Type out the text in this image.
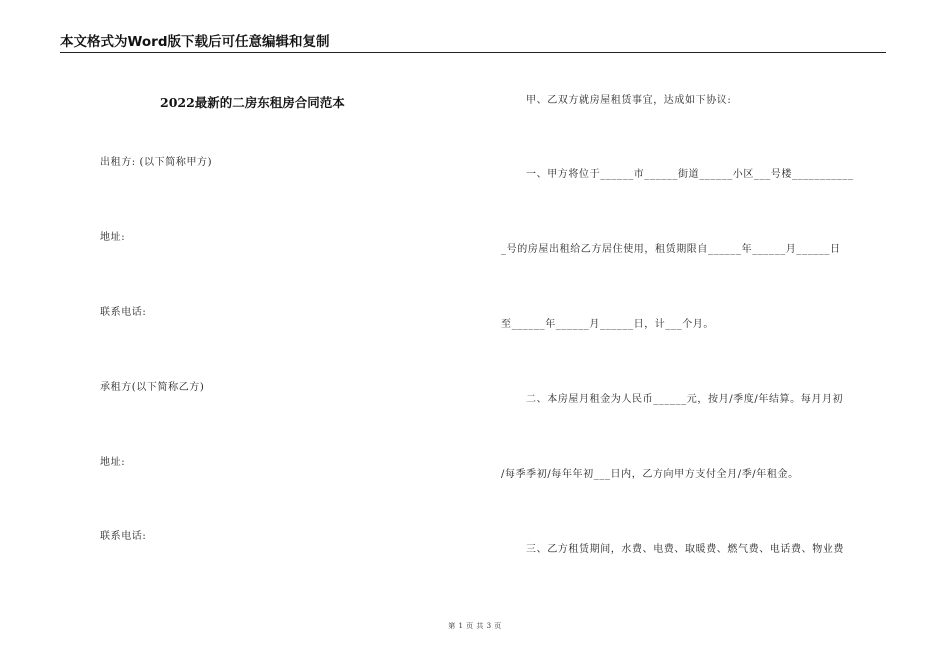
本文格式为Word版下载后可任意编辑和复制
2022最新的二房东租房合同范本
出租方: (以下简称甲方)
地址:
联系电话:
承租方(以下简称乙方)
地址:
联系电话:
甲、乙双方就房屋租赁事宜，达成如下协议:
一、甲方将位于______市______街道______小区___号楼___________
_号的房屋出租给乙方居住使用，租赁期限自______年______月______日
至______年______月______日，计___个月。
二、本房屋月租金为人民币______元，按月/季度/年结算。每月月初
/每季季初/每年年初___日内，乙方向甲方支付全月/季/年租金。
三、乙方租赁期间，水费、电费、取暖费、燃气费、电话费、物业费
第 1 页 共 3 页
